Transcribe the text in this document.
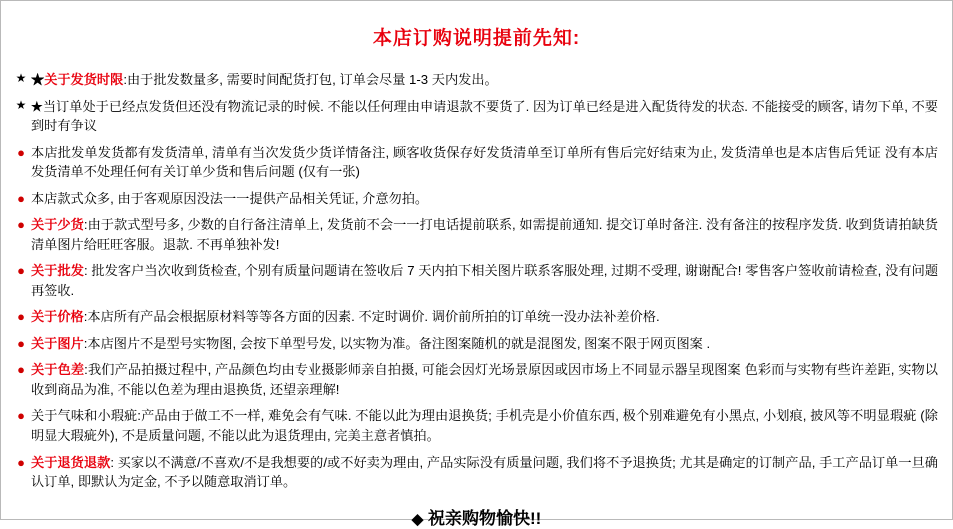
本店订购说明提前先知:
★ ★关于发货时限:由于批发数量多, 需要时间配货打包, 订单会尽量 1-3 天内发出。
★ ★当订单处于已经点发货但还没有物流记录的时候. 不能以任何理由申请退款不要货了. 因为订单已经是进入配货待发的状态. 不能接受的顾客, 请勿下单, 不要到时有争议
● 本店批发单发货都有发货清单, 清单有当次发货少货详情备注, 顾客收货保存好发货清单至订单所有售后完好结束为止, 发货清单也是本店售后凭证 没有本店发货清单不处理任何有关订单少货和售后问题 (仅有一张)
● 本店款式众多, 由于客观原因没法一一提供产品相关凭证, 介意勿拍。
● 关于少货:由于款式型号多, 少数的自行备注清单上, 发货前不会一一打电话提前联系, 如需提前通知. 提交订单时备注. 没有备注的按程序发货. 收到货请拍缺货清单图片给旺旺客服。退款. 不再单独补发!
● 关于批发: 批发客户当次收到货检查, 个别有质量问题请在签收后 7 天内拍下相关图片联系客服处理, 过期不受理, 谢谢配合! 零售客户签收前请检查, 没有问题再签收.
● 关于价格:本店所有产品会根据原材料等等各方面的因素. 不定时调价. 调价前所拍的订单统一没办法补差价格.
● 关于图片:本店图片不是型号实物图, 会按下单型号发, 以实物为准。备注图案随机的就是混图发, 图案不限于网页图案 .
● 关于色差:我们产品拍摄过程中, 产品颜色均由专业摄影师亲自拍摄, 可能会因灯光场景原因或因市场上不同显示器呈现图案 色彩而与实物有些许差距, 实物以收到商品为准, 不能以色差为理由退换货, 还望亲理解!
● 关于气味和小瑕疵:产品由于做工不一样, 难免会有气味. 不能以此为理由退换货; 手机壳是小价值东西, 极个别难避免有小黑点, 小划痕, 披风等不明显瑕疵 (除明显大瑕疵外), 不是质量问题, 不能以此为退货理由, 完美主意者慎拍。
● 关于退货退款: 买家以不满意/不喜欢/不是我想要的/或不好卖为理由, 产品实际没有质量问题, 我们将不予退换货; 尤其是确定的订制产品, 手工产品订单一旦确认订单, 即默认为定金, 不予以随意取消订单。
◆ 祝亲购物愉快!!
